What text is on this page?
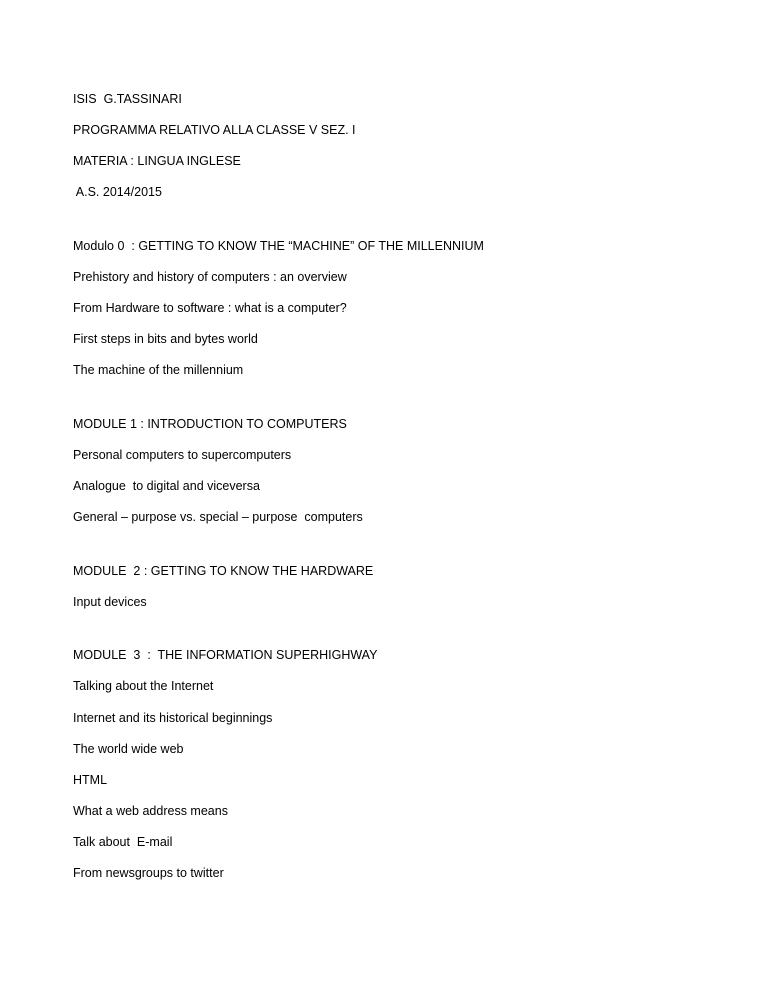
ISIS  G.TASSINARI
PROGRAMMA RELATIVO ALLA CLASSE V SEZ. I
MATERIA : LINGUA INGLESE
A.S. 2014/2015
Modulo 0  : GETTING TO KNOW THE “MACHINE” OF THE MILLENNIUM
Prehistory and history of computers : an overview
From Hardware to software : what is a computer?
First steps in bits and bytes world
The machine of the millennium
MODULE 1 : INTRODUCTION TO COMPUTERS
Personal computers to supercomputers
Analogue  to digital and viceversa
General – purpose vs. special – purpose  computers
MODULE  2 : GETTING TO KNOW THE HARDWARE
Input devices
MODULE  3  :  THE INFORMATION SUPERHIGHWAY
Talking about the Internet
Internet and its historical beginnings
The world wide web
HTML
What a web address means
Talk about  E-mail
From newsgroups to twitter
